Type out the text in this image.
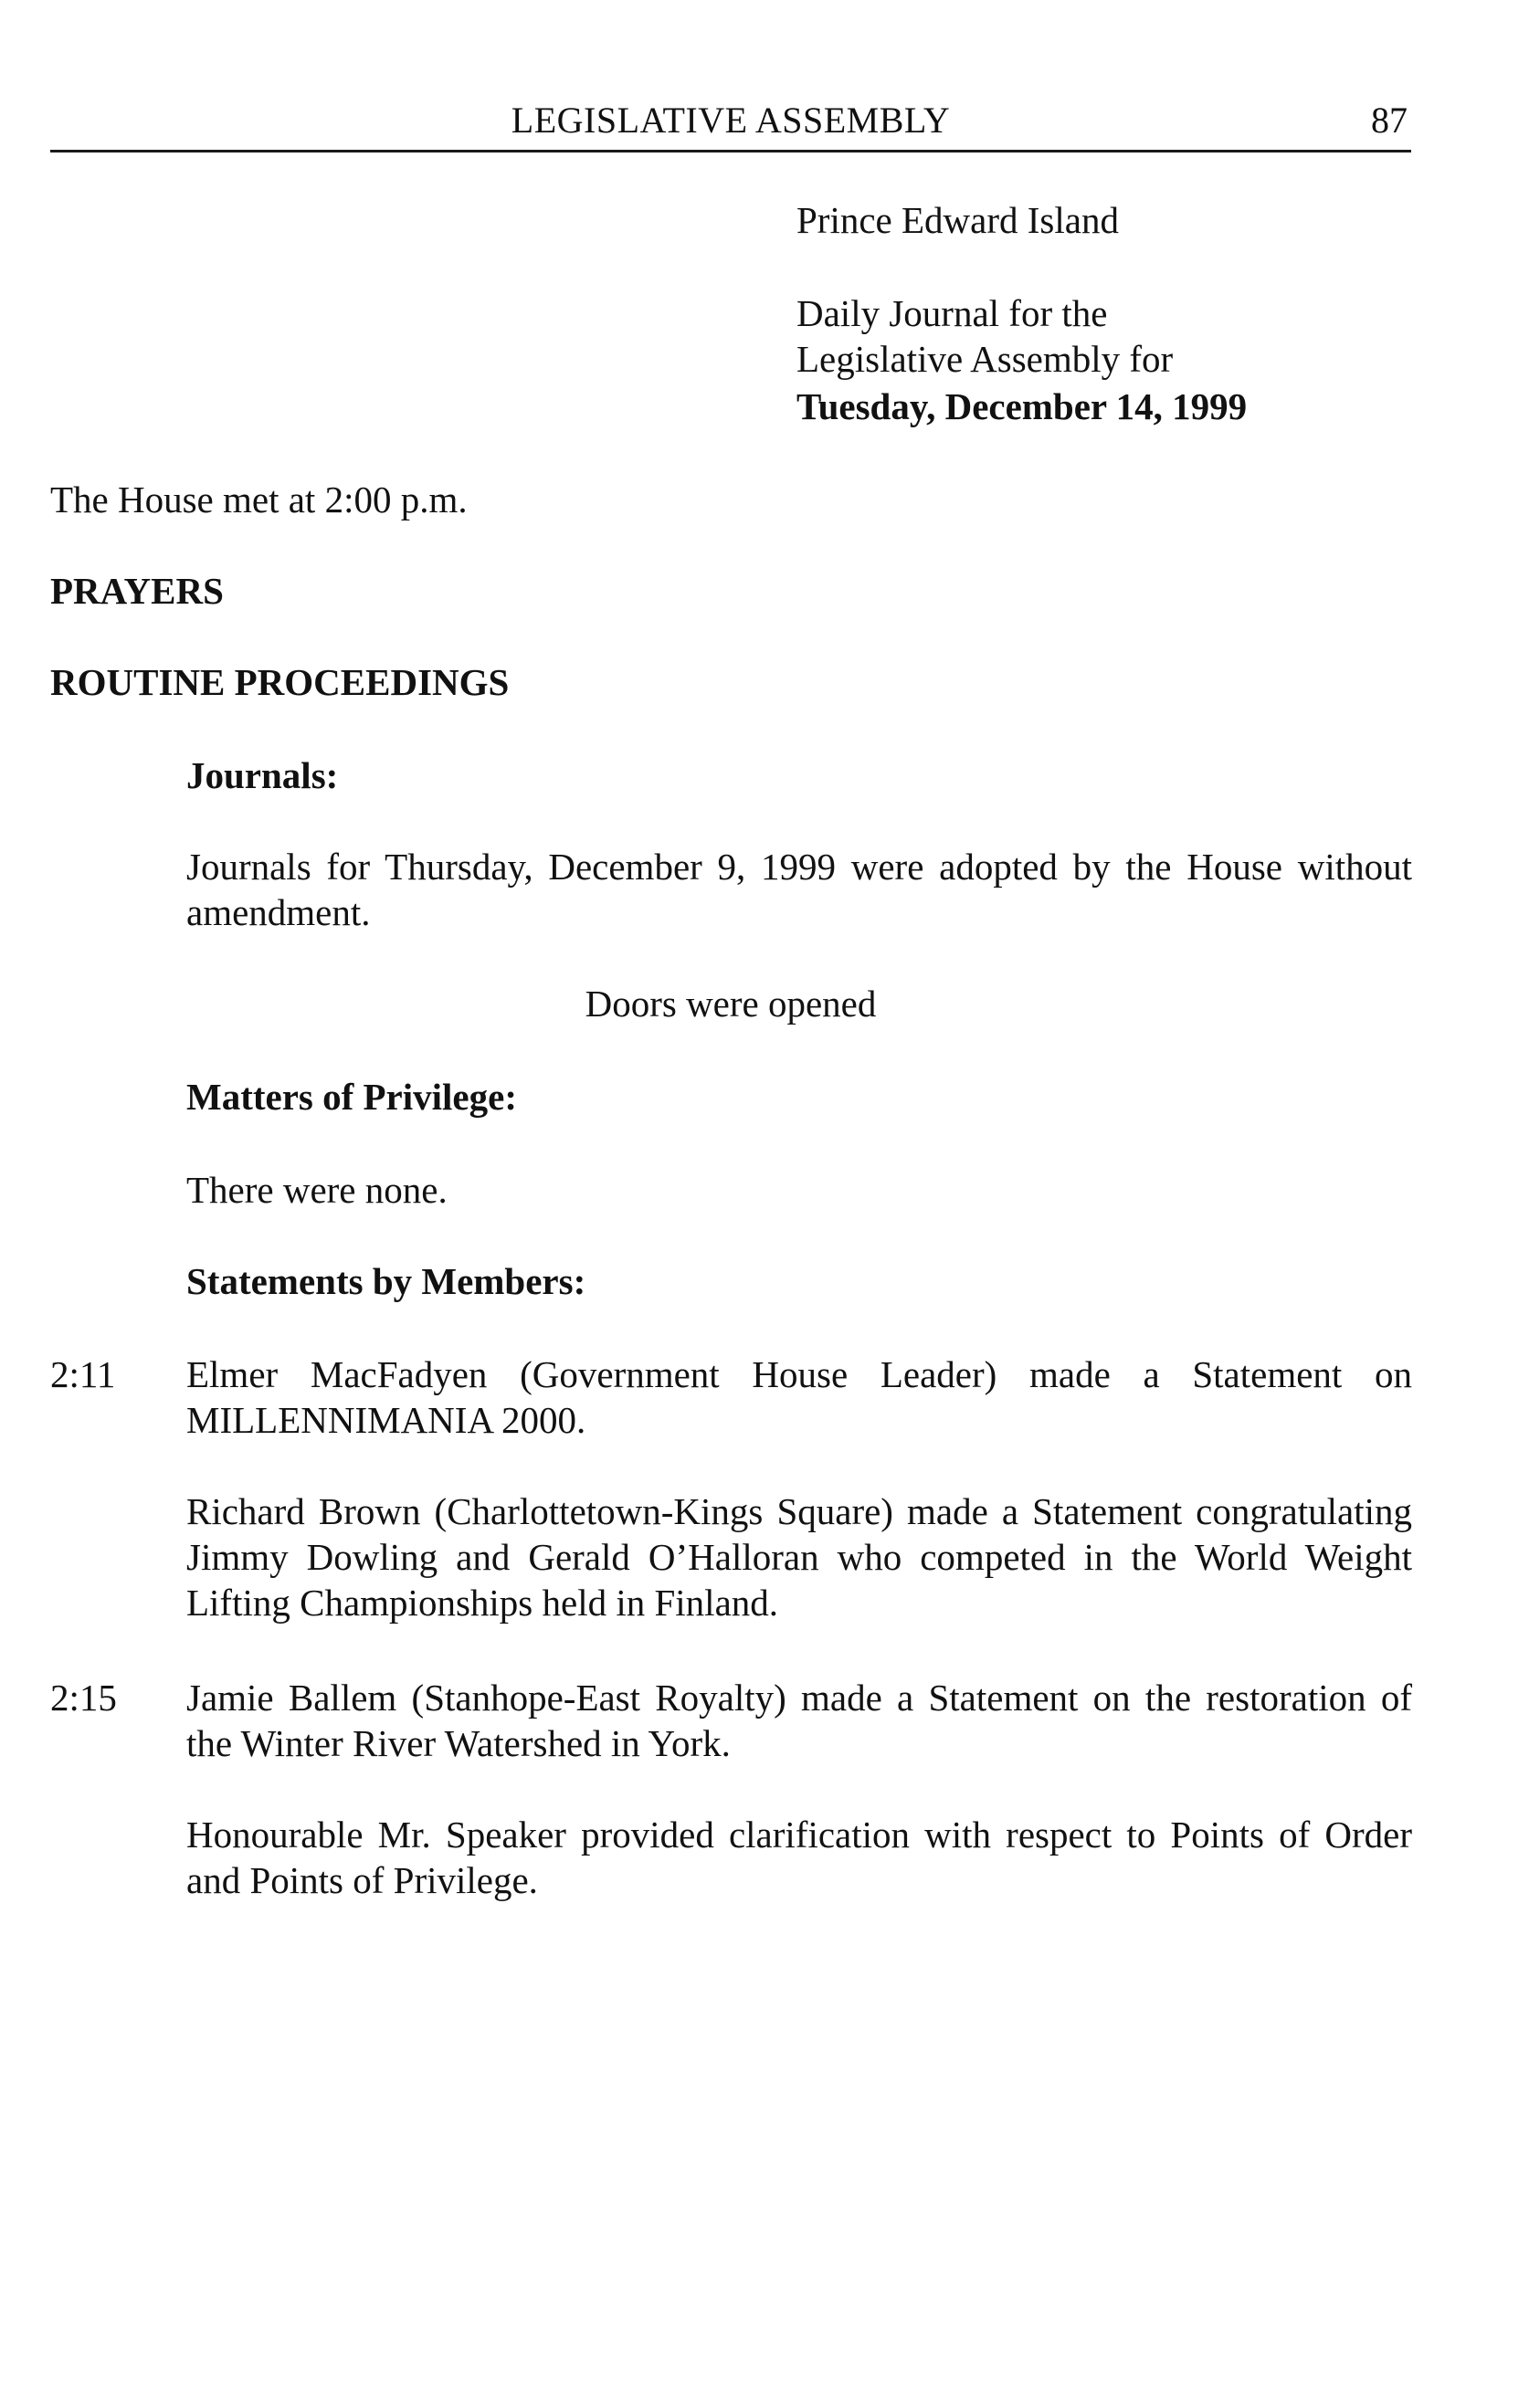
LEGISLATIVE ASSEMBLY	87
Prince Edward Island
Daily Journal for the
Legislative Assembly for
Tuesday, December 14, 1999
The House met at 2:00 p.m.
PRAYERS
ROUTINE PROCEEDINGS
Journals:
Journals for Thursday, December 9, 1999 were adopted by the House without amendment.
Doors were opened
Matters of Privilege:
There were none.
Statements by Members:
2:11 Elmer MacFadyen (Government House Leader) made a Statement on MILLENNIMANIA 2000.
Richard Brown (Charlottetown-Kings Square) made a Statement congratulating Jimmy Dowling and Gerald O’Halloran who competed in the World Weight Lifting Championships held in Finland.
2:15 Jamie Ballem (Stanhope-East Royalty) made a Statement on the restoration of the Winter River Watershed in York.
Honourable Mr. Speaker provided clarification with respect to Points of Order and Points of Privilege.
